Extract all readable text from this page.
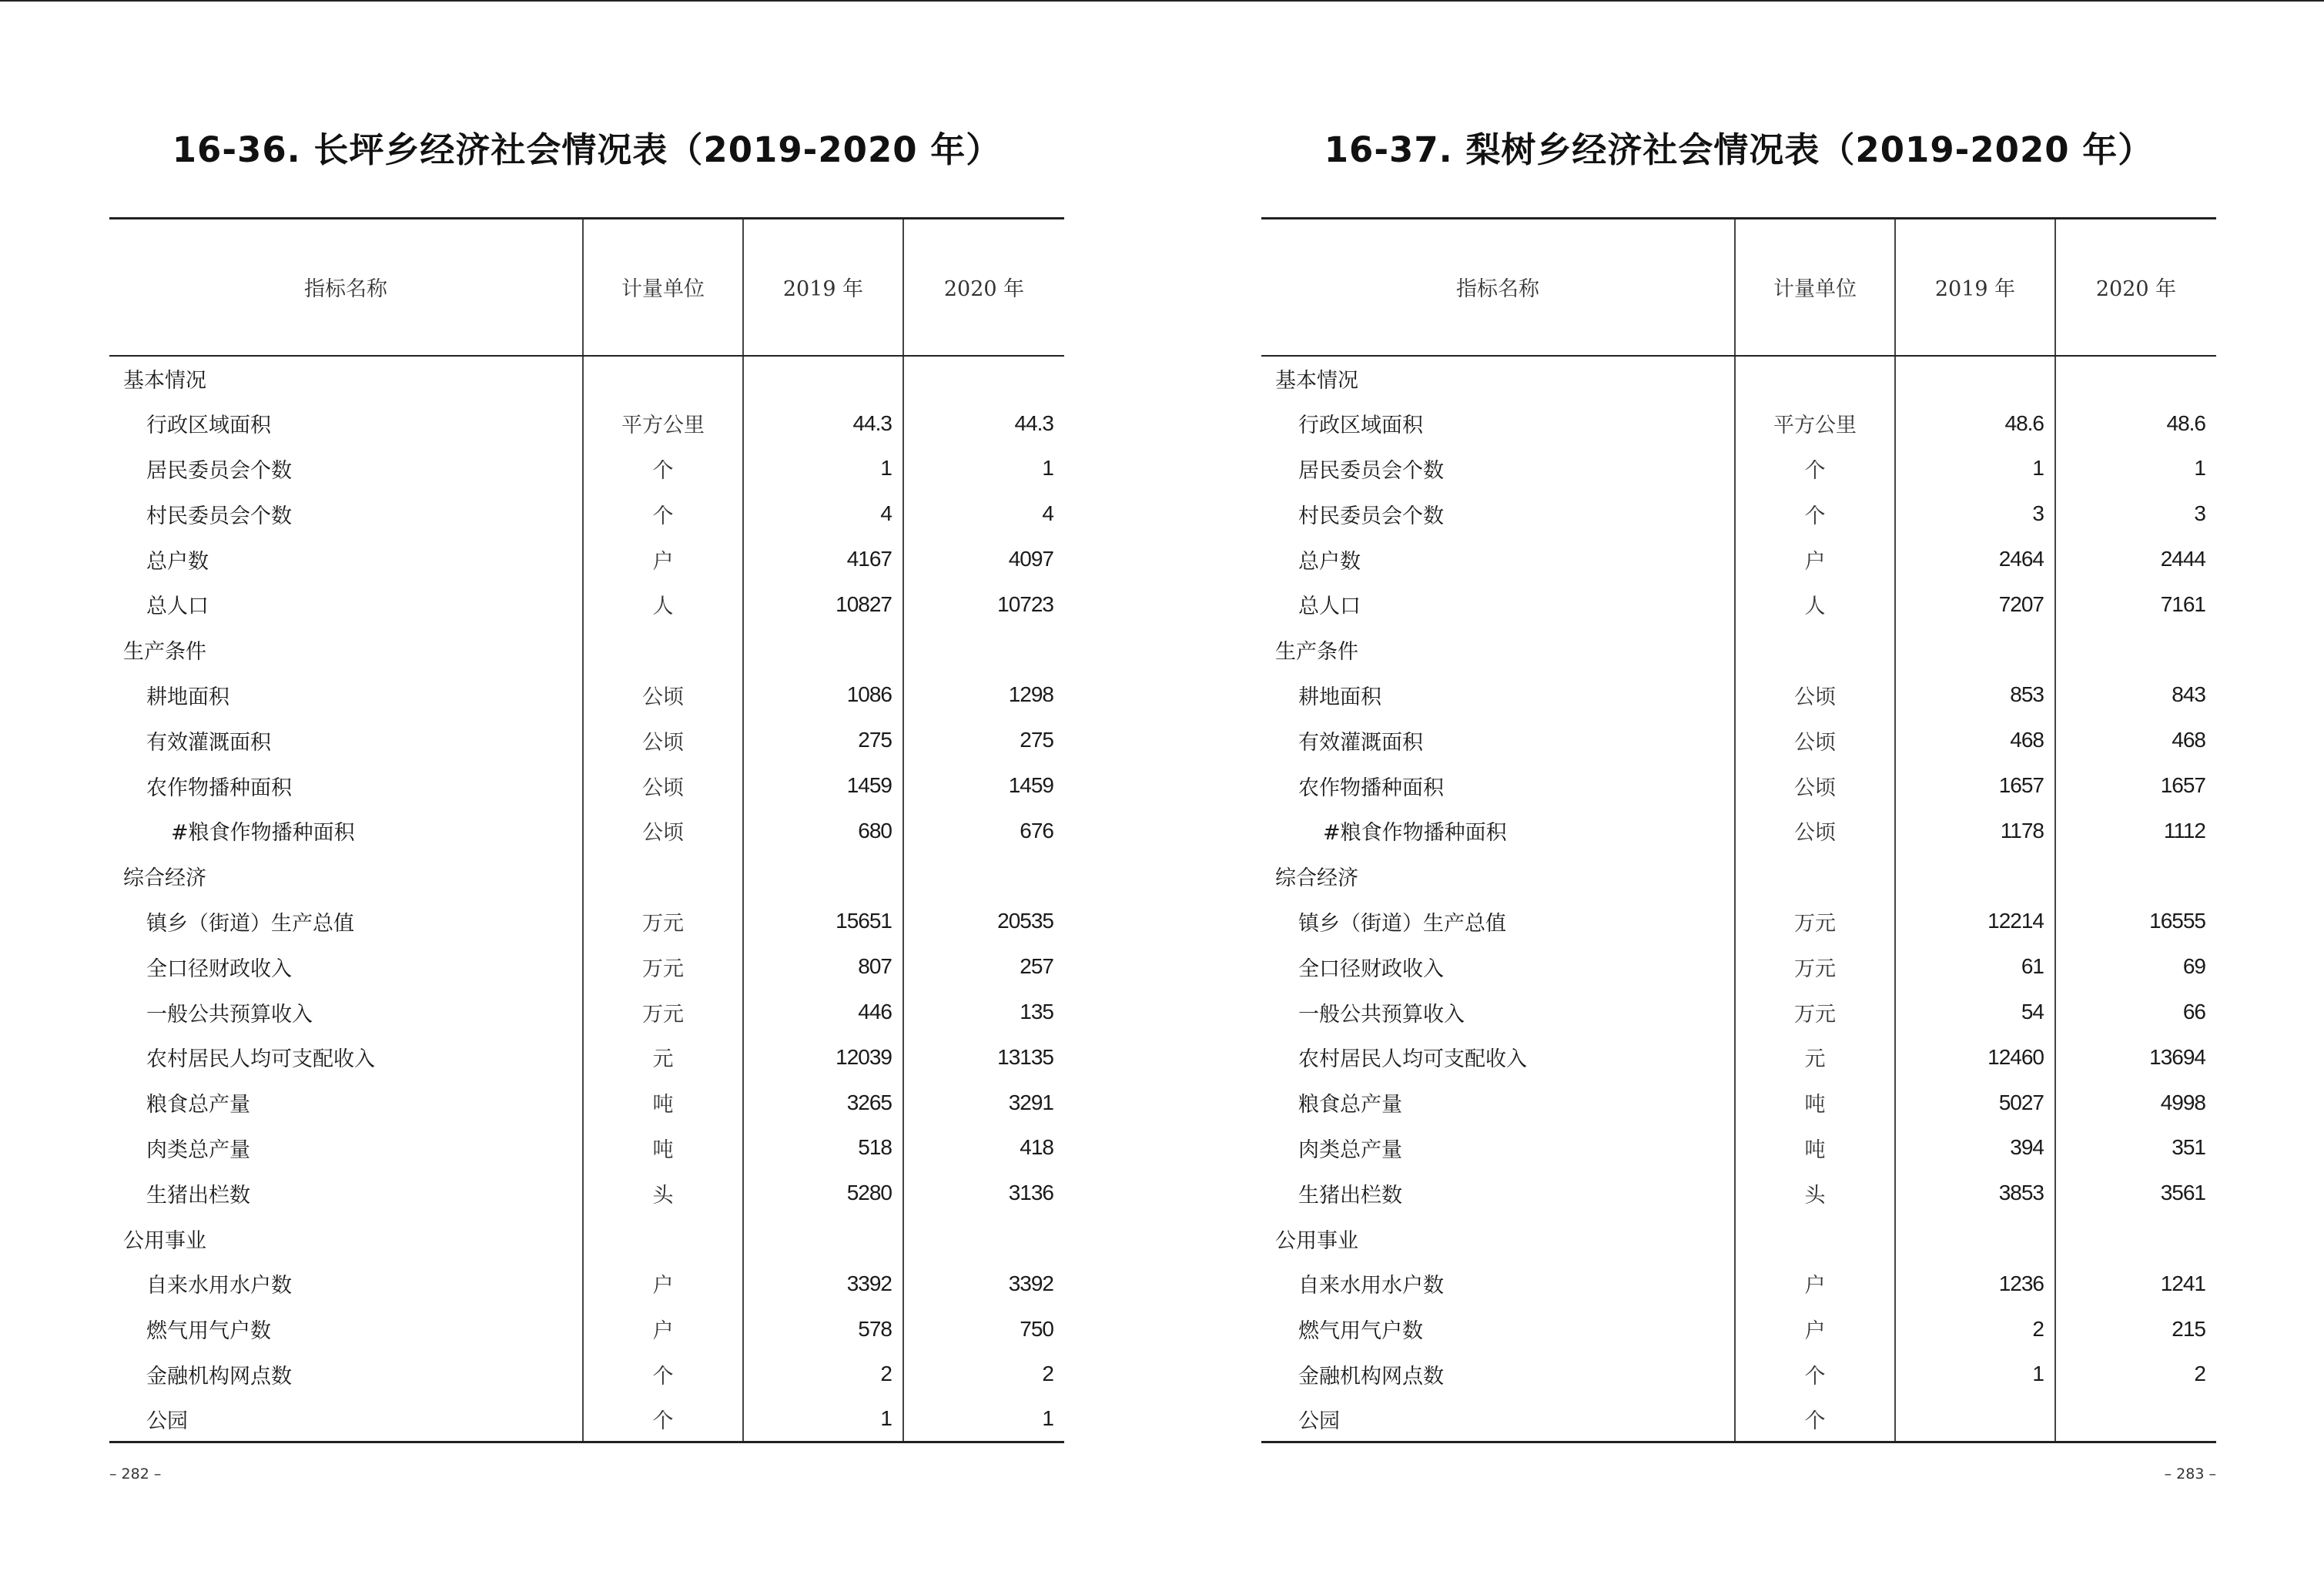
16-36. 长坪乡经济社会情况表（2019-2020 年）
指标名称	计量单位	2019 年	2020 年
基本情况			
行政区域面积	平方公里	44.3	44.3
居民委员会个数	个	1	1
村民委员会个数	个	4	4
总户数	户	4167	4097
总人口	人	10827	10723
生产条件			
耕地面积	公顷	1086	1298
有效灌溉面积	公顷	275	275
农作物播种面积	公顷	1459	1459
#粮食作物播种面积	公顷	680	676
综合经济			
镇乡（街道）生产总值	万元	15651	20535
全口径财政收入	万元	807	257
一般公共预算收入	万元	446	135
农村居民人均可支配收入	元	12039	13135
粮食总产量	吨	3265	3291
肉类总产量	吨	518	418
生猪出栏数	头	5280	3136
公用事业			
自来水用水户数	户	3392	3392
燃气用气户数	户	578	750
金融机构网点数	个	2	2
公园	个	1	1
– 282 –
16-37. 梨树乡经济社会情况表（2019-2020 年）
指标名称	计量单位	2019 年	2020 年
基本情况			
行政区域面积	平方公里	48.6	48.6
居民委员会个数	个	1	1
村民委员会个数	个	3	3
总户数	户	2464	2444
总人口	人	7207	7161
生产条件			
耕地面积	公顷	853	843
有效灌溉面积	公顷	468	468
农作物播种面积	公顷	1657	1657
#粮食作物播种面积	公顷	1178	1112
综合经济			
镇乡（街道）生产总值	万元	12214	16555
全口径财政收入	万元	61	69
一般公共预算收入	万元	54	66
农村居民人均可支配收入	元	12460	13694
粮食总产量	吨	5027	4998
肉类总产量	吨	394	351
生猪出栏数	头	3853	3561
公用事业			
自来水用水户数	户	1236	1241
燃气用气户数	户	2	215
金融机构网点数	个	1	2
公园	个		
– 283 –
